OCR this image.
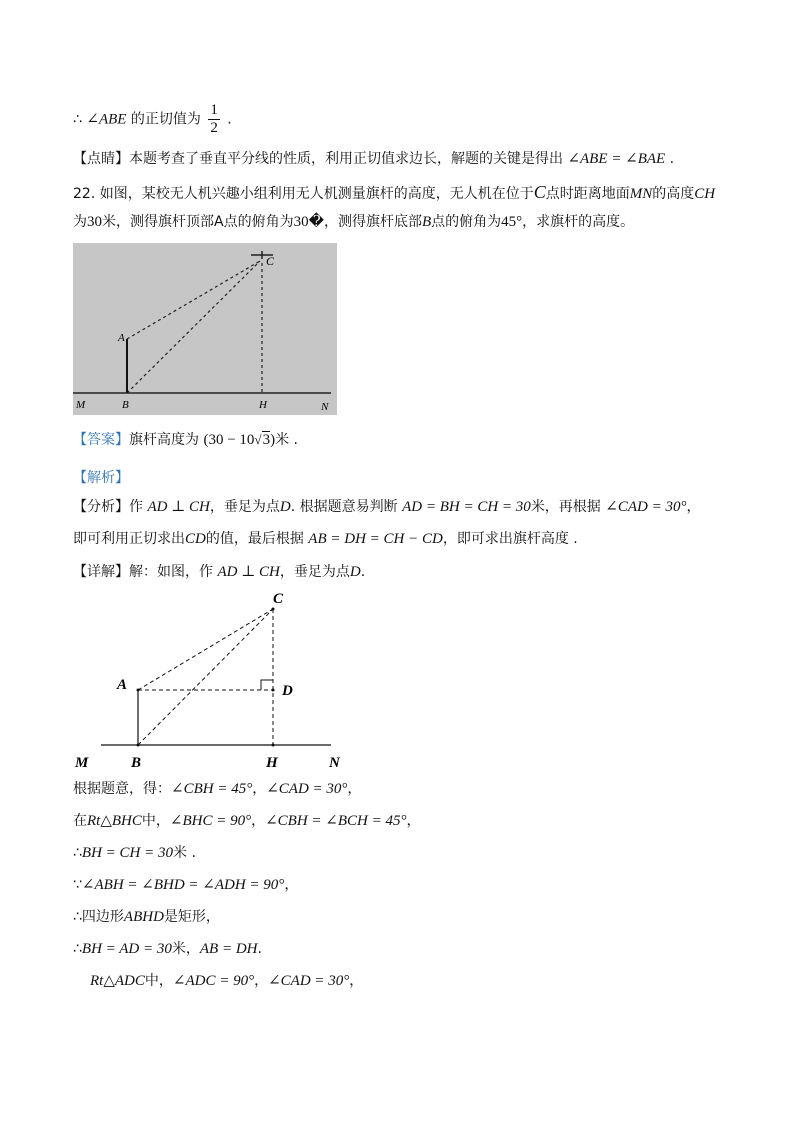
∴ ∠ABE 的正切值为 $\frac{1}{2}$ .
【点睛】本题考查了垂直平分线的性质，利用正切值求边长，解题的关键是得出 ∠ABE = ∠BAE .
22. 如图，某校无人机兴趣小组利用无人机测量旗杆的高度，无人机在位于C点时距离地面MN的高度CH
为30米，测得旗杆顶部A点的俯角为30�，测得旗杆底部B点的俯角为45°，求旗杆的高度。
C
A
M	B	H	N
【答案】旗杆高度为 (30 − 10√3)米 .
【解析】
【分析】作 AD ⊥ CH，垂足为点D. 根据题意易判断 AD = BH = CH = 30米，再根据 ∠CAD = 30°，
即可利用正切求出CD的值，最后根据 AB = DH = CH − CD，即可求出旗杆高度 .
【详解】解：如图，作 AD ⊥ CH，垂足为点D.
C
A	D
M	B	H	N
根据题意，得：∠CBH = 45°，∠CAD = 30°，
在Rt△BHC中，∠BHC = 90°，∠CBH = ∠BCH = 45°，
∴BH = CH = 30米 .
∵∠ABH = ∠BHD = ∠ADH = 90°，
∴四边形ABHD是矩形，
∴BH = AD = 30米，AB = DH.
Rt△ADC中，∠ADC = 90°，∠CAD = 30°，
